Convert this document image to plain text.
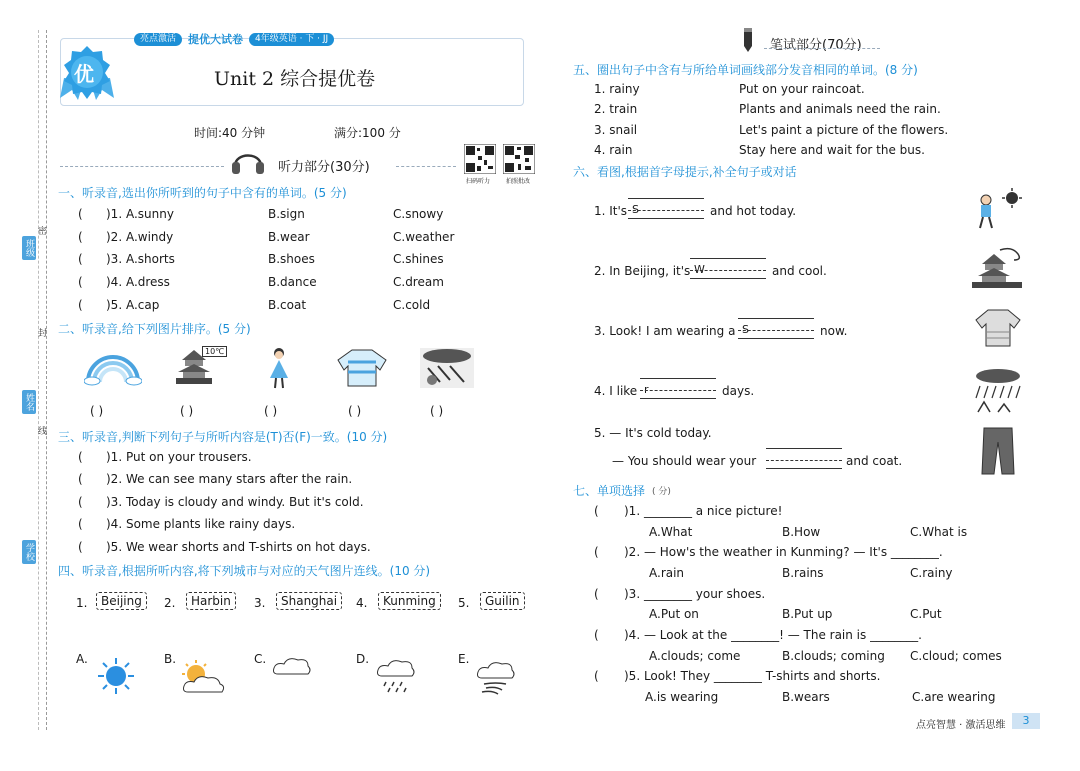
班级
姓名
学校
密
封
线
亮点激活	提优大试卷	4年级英语 · 下 · JJ
优	Unit 2 综合提优卷
时间:40 分钟	满分:100 分
听力部分(30分)
扫码听力	拍照批改
一、听录音,选出你所听到的句子中含有的单词。(5 分)
( )1. A.sunny	B.sign	C.snowy
( )2. A.windy	B.wear	C.weather
( )3. A.shorts	B.shoes	C.shines
( )4. A.dress	B.dance	C.dream
( )5. A.cap	B.coat	C.cold
二、听录音,给下列图片排序。(5 分)
10℃
( )	( )	( )	( )	( )
三、听录音,判断下列句子与所听内容是(T)否(F)一致。(10 分)
( )1. Put on your trousers.
( )2. We can see many stars after the rain.
( )3. Today is cloudy and windy. But it's cold.
( )4. Some plants like rainy days.
( )5. We wear shorts and T-shirts on hot days.
四、听录音,根据所听内容,将下列城市与对应的天气图片连线。(10 分)
1.	Beijing	2.	Harbin	3.	Shanghai	4.	Kunming	5.	Guilin
A.	B.	C.	D.	E.
笔试部分(70分)
五、圈出句子中含有与所给单词画线部分发音相同的单词。(8 分)
1. rainy	Put on your raincoat.
2. train	Plants and animals need the rain.
3. snail	Let's paint a picture of the flowers.
4. rain	Stay here and wait for the bus.
六、看图,根据首字母提示,补全句子或对话
1. It's S	and hot today.
2. In Beijing, it's W	and cool.
3. Look! I am wearing a S	now.
4. I like r	days.
5. — It's cold today.
— You should wear your	and coat.
七、单项选择 ( 分)
( )1. ________ a nice picture!
A.What	B.How	C.What is
( )2. — How's the weather in Kunming? — It's ________.
A.rain	B.rains	C.rainy
( )3. ________ your shoes.
A.Put on	B.Put up	C.Put
( )4. — Look at the ________! — The rain is ________.
A.clouds; come	B.clouds; coming C.cloud; comes
( )5. Look! They ________ T-shirts and shorts.
A.is wearing	B.wears	C.are wearing
点亮智慧 · 激活思维	3
